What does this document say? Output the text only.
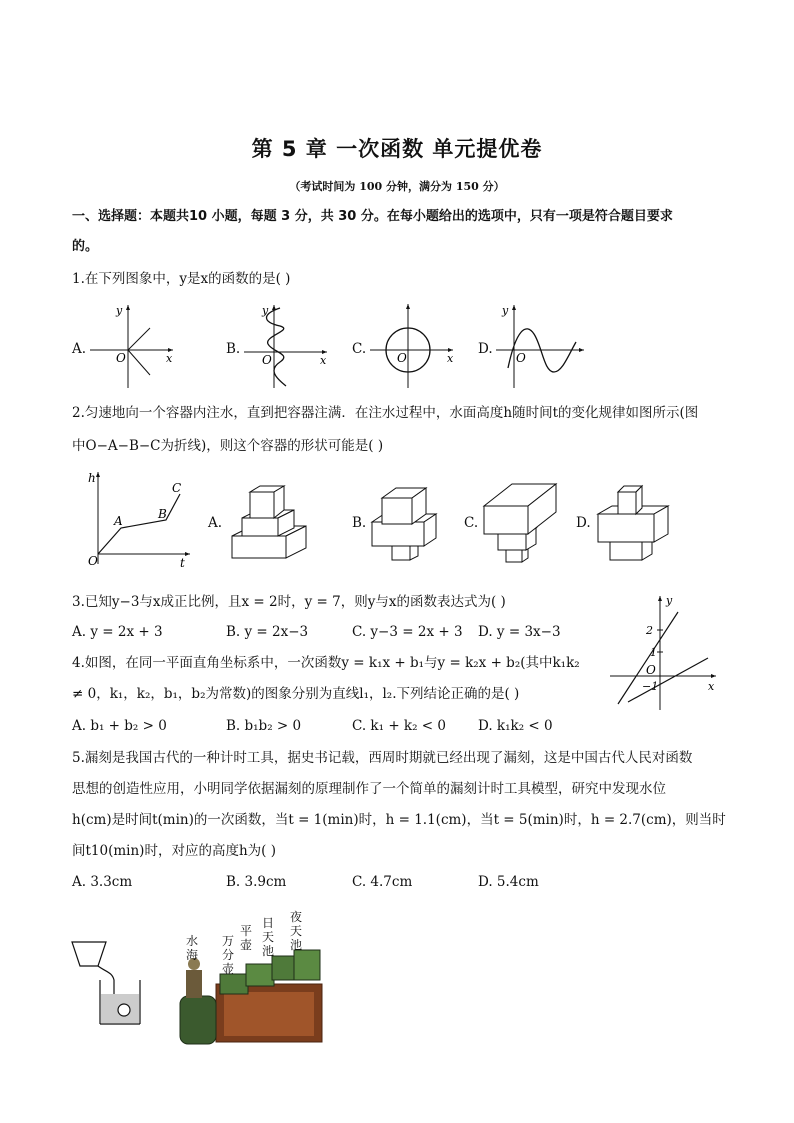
第 5 章 一次函数 单元提优卷
（考试时间为 100 分钟，满分为 150 分）
一、选择题：本题共10 小题，每题 3 分，共 30 分。在每小题给出的选项中，只有一项是符合题目要求
的。
1.在下列图象中，y是x的函数的是( )
A.
y
x
O
B.
y
x
O
C.
O	x
D.
y
O
2.匀速地向一个容器内注水，直到把容器注满．在注水过程中，水面高度h随时间t的变化规律如图所示(图
中O−A−B−C为折线)，则这个容器的形状可能是( )
h
t
O
A	B
C
A.	B.	C.	D.
3.已知y−3与x成正比例，且x = 2时，y = 7，则y与x的函数表达式为( )
A. y = 2x + 3	B. y = 2x−3	C. y−3 = 2x + 3 D. y = 3x−3
y
x
2
1
O
−1
4.如图，在同一平面直角坐标系中，一次函数y = k₁x + b₁与y = k₂x + b₂(其中k₁k₂
≠ 0，k₁，k₂，b₁，b₂为常数)的图象分别为直线l₁，l₂.下列结论正确的是( )
A. b₁ + b₂ > 0	B. b₁b₂ > 0	C. k₁ + k₂ < 0 D. k₁k₂ < 0
5.漏刻是我国古代的一种计时工具，据史书记载，西周时期就已经出现了漏刻，这是中国古代人民对函数
思想的创造性应用，小明同学依据漏刻的原理制作了一个简单的漏刻计时工具模型，研究中发现水位
h(cm)是时间t(min)的一次函数，当t = 1(min)时，h = 1.1(cm)，当t = 5(min)时，h = 2.7(cm)，则当时
间t10(min)时，对应的高度h为( )
A. 3.3cm	B. 3.9cm	C. 4.7cm	D. 5.4cm
水海
万分壶
平壶
日天池
夜天池
